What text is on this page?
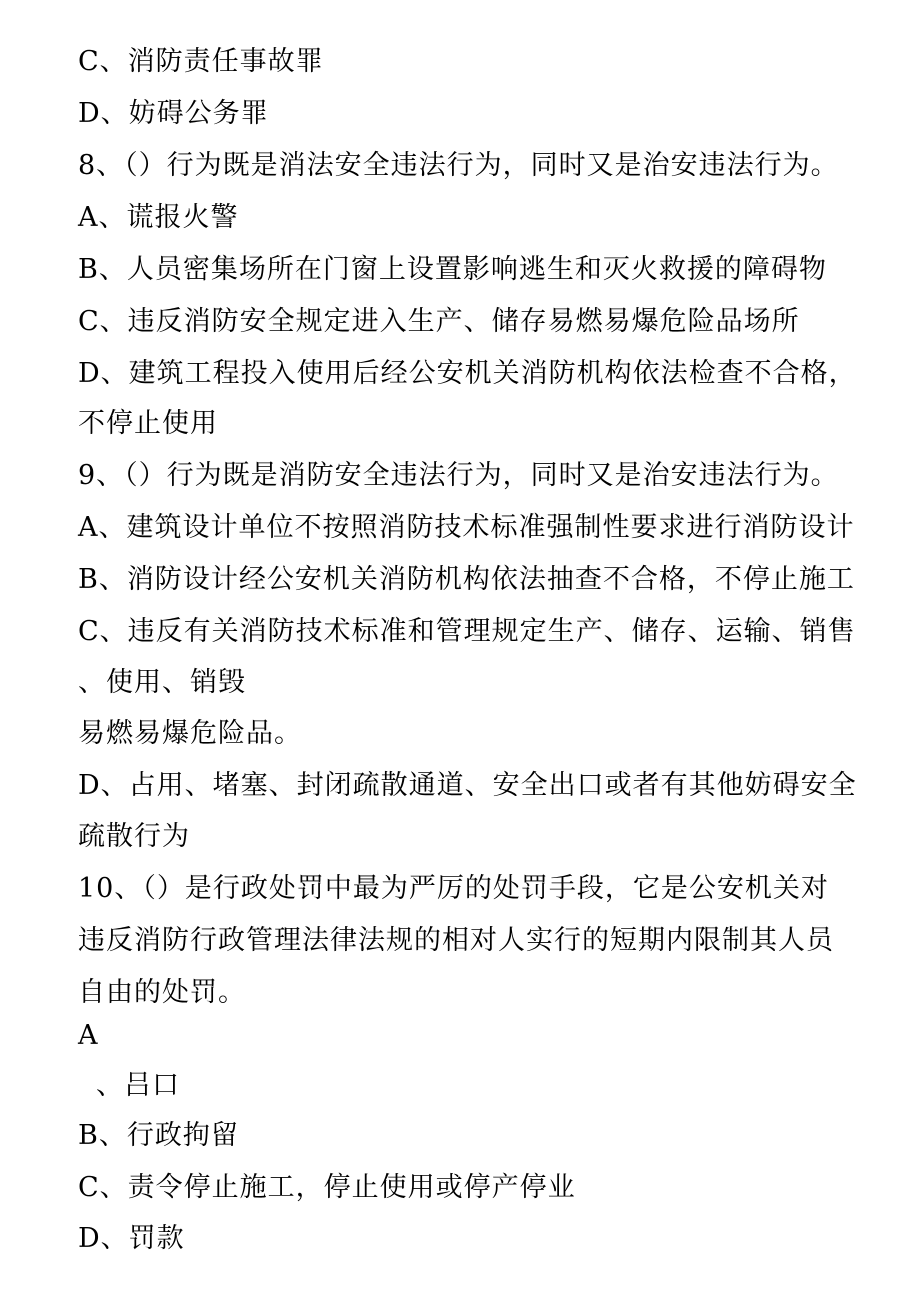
C、消防责任事故罪
D、妨碍公务罪
8、（）行为既是消法安全违法行为，同时又是治安违法行为。
A、谎报火警
B、人员密集场所在门窗上设置影响逃生和灭火救援的障碍物
C、违反消防安全规定进入生产、储存易燃易爆危险品场所
D、建筑工程投入使用后经公安机关消防机构依法检查不合格，
不停止使用
9、（）行为既是消防安全违法行为，同时又是治安违法行为。
A、建筑设计单位不按照消防技术标准强制性要求进行消防设计
B、消防设计经公安机关消防机构依法抽查不合格，不停止施工
C、违反有关消防技术标准和管理规定生产、储存、运输、销售
、使用、销毁
易燃易爆危险品。
D、占用、堵塞、封闭疏散通道、安全出口或者有其他妨碍安全
疏散行为
10、（）是行政处罚中最为严厉的处罚手段，它是公安机关对
违反消防行政管理法律法规的相对人实行的短期内限制其人员
自由的处罚。
A
、吕口
B、行政拘留
C、责令停止施工，停止使用或停产停业
D、罚款
